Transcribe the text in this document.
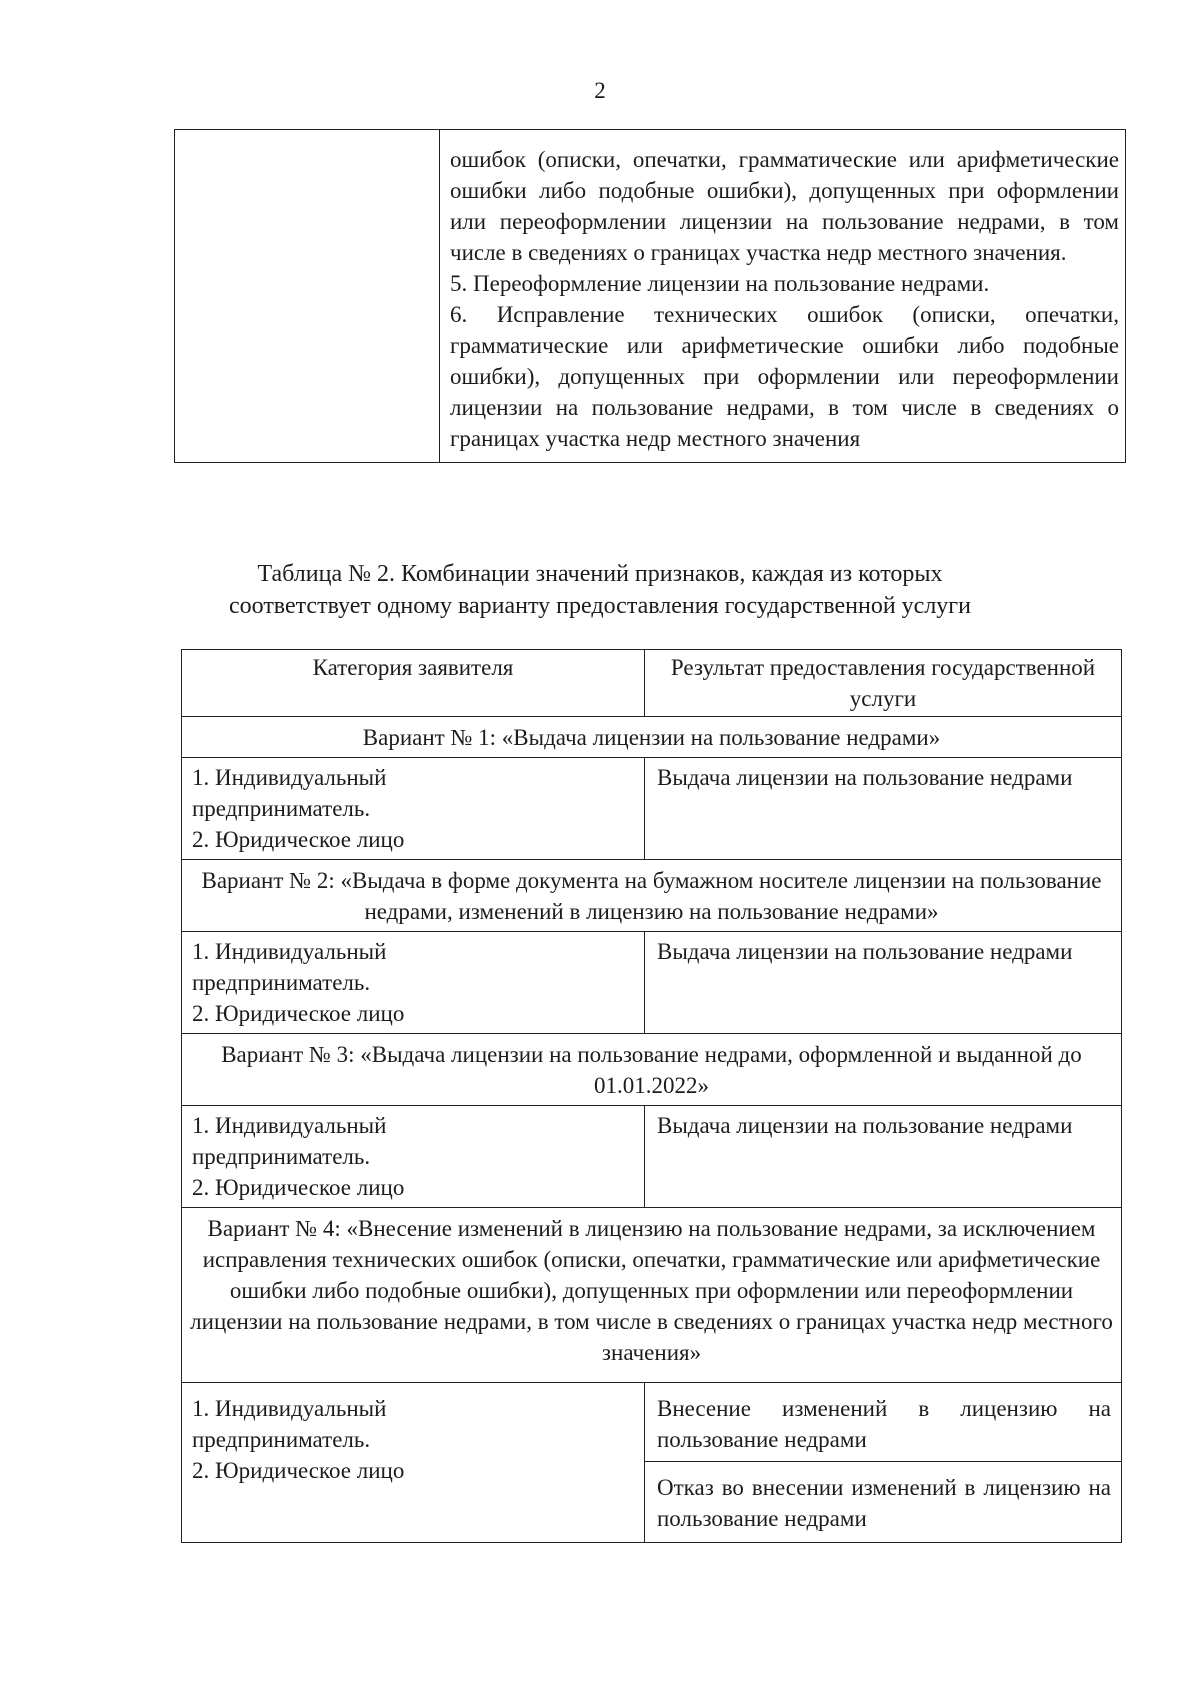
2

ошибок (описки, опечатки, грамматические или арифметические ошибки либо подобные ошибки), допущенных при оформлении или переоформлении лицензии на пользование недрами, в том числе в сведениях о границах участка недр местного значения.

5. Переоформление лицензии на пользование недрами.

6. Исправление технических ошибок (описки, опечатки, грамматические или арифметические ошибки либо подобные ошибки), допущенных при оформлении или переоформлении лицензии на пользование недрами, в том числе в сведениях о границах участка недр местного значения

Таблица № 2. Комбинации значений признаков, каждая из которых
соответствует одному варианту предоставления государственной услуги
Категория заявителя	Результат предоставления государственной услуги
Вариант № 1: «Выдача лицензии на пользование недрами»	

1. Индивидуальный
предприниматель.
2. Юридическое лицо	Выдача лицензии на пользование недрами
Вариант № 2: «Выдача в форме документа на бумажном носителе лицензии на пользование недрами, изменений в лицензию на пользование недрами»	

1. Индивидуальный
предприниматель.
2. Юридическое лицо	Выдача лицензии на пользование недрами
Вариант № 3: «Выдача лицензии на пользование недрами, оформленной и выданной до 01.01.2022»	

1. Индивидуальный
предприниматель.
2. Юридическое лицо	Выдача лицензии на пользование недрами
Вариант № 4: «Внесение изменений в лицензию на пользование недрами, за исключением исправления технических ошибок (описки, опечатки, грамматические или арифметические ошибки либо подобные ошибки), допущенных при оформлении или переоформлении лицензии на пользование недрами, в том числе в сведениях о границах участка недр местного значения»	

1. Индивидуальный
предприниматель.
2. Юридическое лицо	Внесение изменений в лицензию на пользование недрами
	Отказ во внесении изменений в лицензию на пользование недрами
